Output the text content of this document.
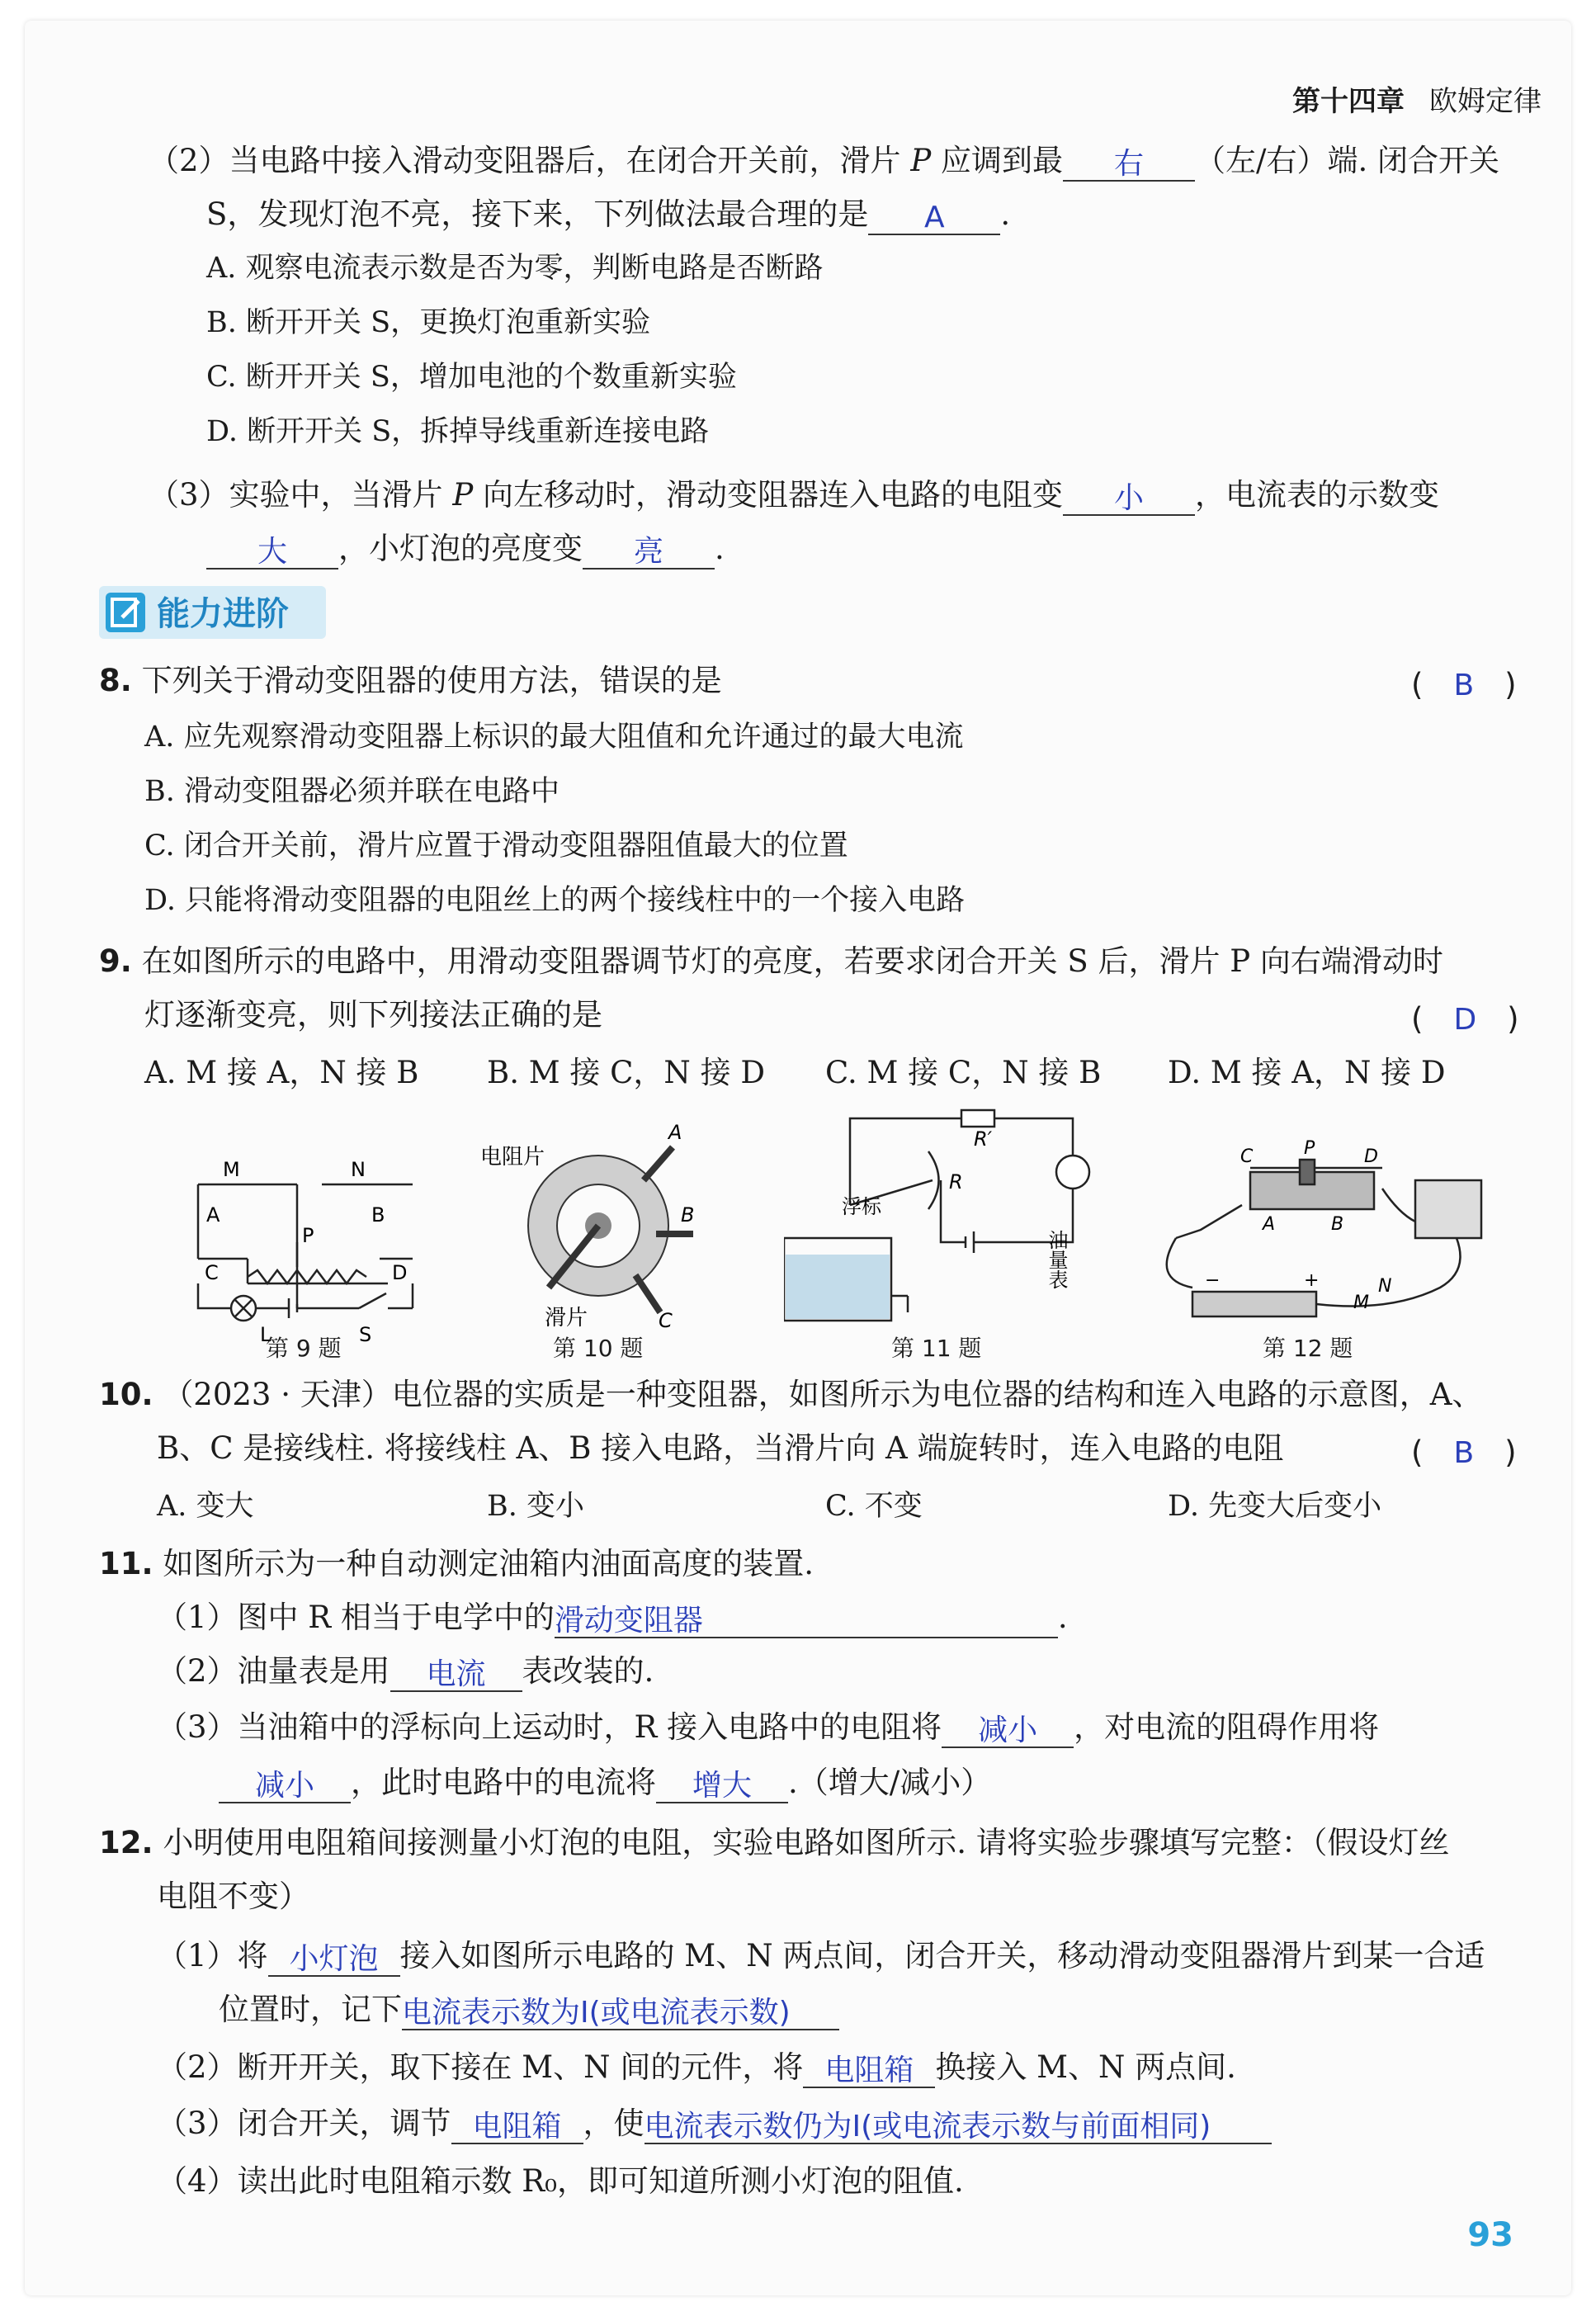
第十四章 欧姆定律
（2）当电路中接入滑动变阻器后，在闭合开关前，滑片 P 应调到最 右 （左/右）端. 闭合开关
S，发现灯泡不亮，接下来，下列做法最合理的是 A .
A. 观察电流表示数是否为零，判断电路是否断路
B. 断开开关 S，更换灯泡重新实验
C. 断开开关 S，增加电池的个数重新实验
D. 断开开关 S，拆掉导线重新连接电路
（3）实验中，当滑片 P 向左移动时，滑动变阻器连入电路的电阻变 小 ，电流表的示数变
大 ，小灯泡的亮度变 亮 .
能力进阶
8. 下列关于滑动变阻器的使用方法，错误的是	(　B　)
A. 应先观察滑动变阻器上标识的最大阻值和允许通过的最大电流
B. 滑动变阻器必须并联在电路中
C. 闭合开关前，滑片应置于滑动变阻器阻值最大的位置
D. 只能将滑动变阻器的电阻丝上的两个接线柱中的一个接入电路
9. 在如图所示的电路中，用滑动变阻器调节灯的亮度，若要求闭合开关 S 后，滑片 P 向右端滑动时
灯逐渐变亮，则下列接法正确的是	(　D　)
A. M 接 A，N 接 B B. M 接 C，N 接 D C. M 接 C，N 接 B D. M 接 A，N 接 D
M	N
A	B
P
C	D
L	S
第 9 题
电阻片
滑片
A
B
C
第 10 题
R′
R
浮标
油量表
第 11 题
C	P	D
A	B
−	+
M
N
第 12 题
10. （2023 · 天津）电位器的实质是一种变阻器，如图所示为电位器的结构和连入电路的示意图，A、
B、C 是接线柱. 将接线柱 A、B 接入电路，当滑片向 A 端旋转时，连入电路的电阻	(　B　)
A. 变大	B. 变小	C. 不变	D. 先变大后变小
11. 如图所示为一种自动测定油箱内油面高度的装置.
（1）图中 R 相当于电学中的滑动变阻器	.
（2）油量表是用 电流 表改装的.
（3）当油箱中的浮标向上运动时，R 接入电路中的电阻将 减小 ，对电流的阻碍作用将
减小 ，此时电路中的电流将 增大 .（增大/减小）
12. 小明使用电阻箱间接测量小灯泡的电阻，实验电路如图所示. 请将实验步骤填写完整：（假设灯丝
电阻不变）
（1）将 小灯泡 接入如图所示电路的 M、N 两点间，闭合开关，移动滑动变阻器滑片到某一合适
位置时，记下电流表示数为I(或电流表示数)
（2）断开开关，取下接在 M、N 间的元件，将 电阻箱 换接入 M、N 两点间.
（3）闭合开关，调节 电阻箱 ，使电流表示数仍为I(或电流表示数与前面相同)
（4）读出此时电阻箱示数 R₀，即可知道所测小灯泡的阻值.
93
